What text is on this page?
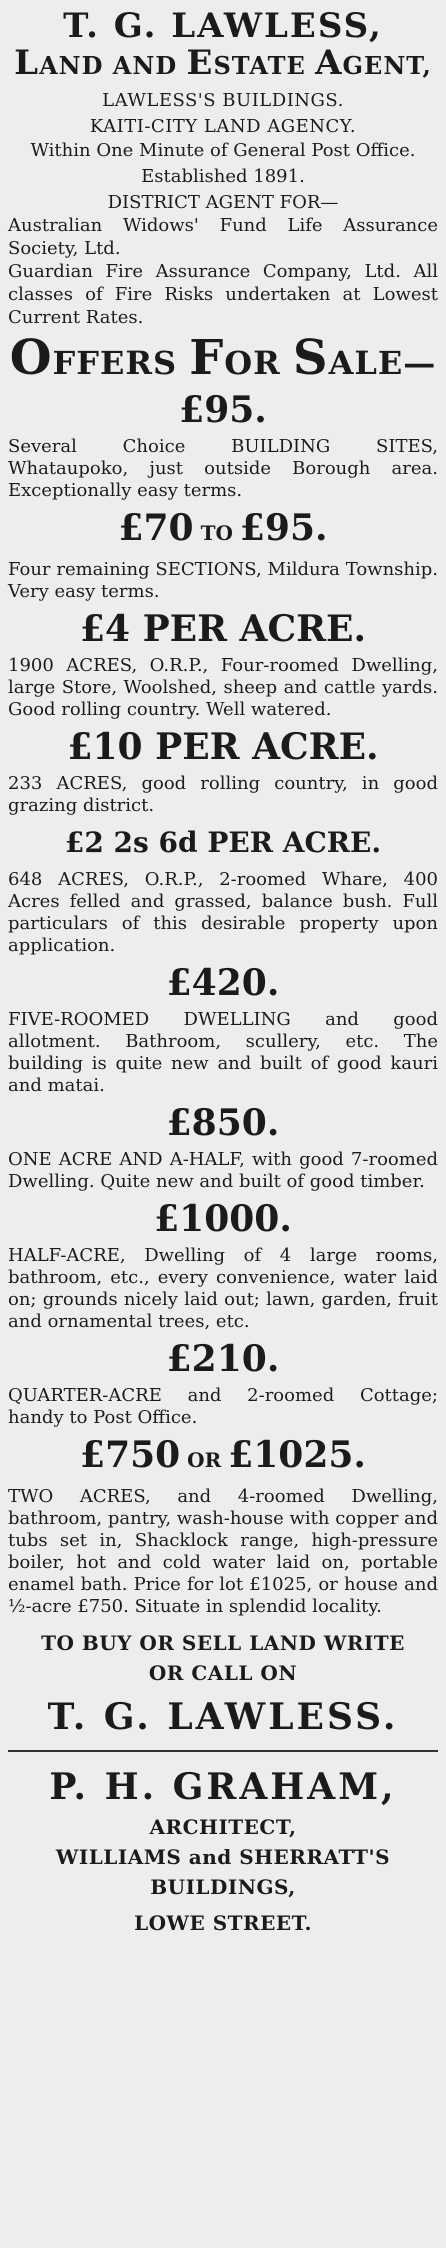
T. G. LAWLESS,

LAND AND ESTATE AGENT,

LAWLESS'S BUILDINGS.

KAITI-CITY LAND AGENCY.

Within One Minute of General Post Office.

Established 1891.

DISTRICT AGENT FOR—

Australian Widows' Fund Life Assurance Society, Ltd.

Guardian Fire Assurance Company, Ltd. All classes of Fire Risks undertaken at Lowest Current Rates.

OFFERS FOR SALE—

£95.

Several Choice BUILDING SITES, Whataupoko, just outside Borough area. Exceptionally easy terms.

£70 TO £95.

Four remaining SECTIONS, Mildura Township. Very easy terms.

£4 PER ACRE.

1900 ACRES, O.R.P., Four-roomed Dwelling, large Store, Woolshed, sheep and cattle yards. Good rolling country. Well watered.

£10 PER ACRE.

233 ACRES, good rolling country, in good grazing district.

£2 2s 6d PER ACRE.

648 ACRES, O.R.P., 2-roomed Whare, 400 Acres felled and grassed, balance bush. Full particulars of this desirable property upon application.

£420.

FIVE-ROOMED DWELLING and good allotment. Bathroom, scullery, etc. The building is quite new and built of good kauri and matai.

£850.

ONE ACRE AND A-HALF, with good 7-roomed Dwelling. Quite new and built of good timber.

£1000.

HALF-ACRE, Dwelling of 4 large rooms, bathroom, etc., every convenience, water laid on; grounds nicely laid out; lawn, garden, fruit and ornamental trees, etc.

£210.

QUARTER-ACRE and 2-roomed Cottage; handy to Post Office.

£750 OR £1025.

TWO ACRES, and 4-roomed Dwelling, bathroom, pantry, wash-house with copper and tubs set in, Shacklock range, high-pressure boiler, hot and cold water laid on, portable enamel bath. Price for lot £1025, or house and ½-acre £750. Situate in splendid locality.

TO BUY OR SELL LAND WRITE

OR CALL ON

T. G. LAWLESS.

P. H. GRAHAM,

ARCHITECT,

WILLIAMS and SHERRATT'S

BUILDINGS,

LOWE STREET.
